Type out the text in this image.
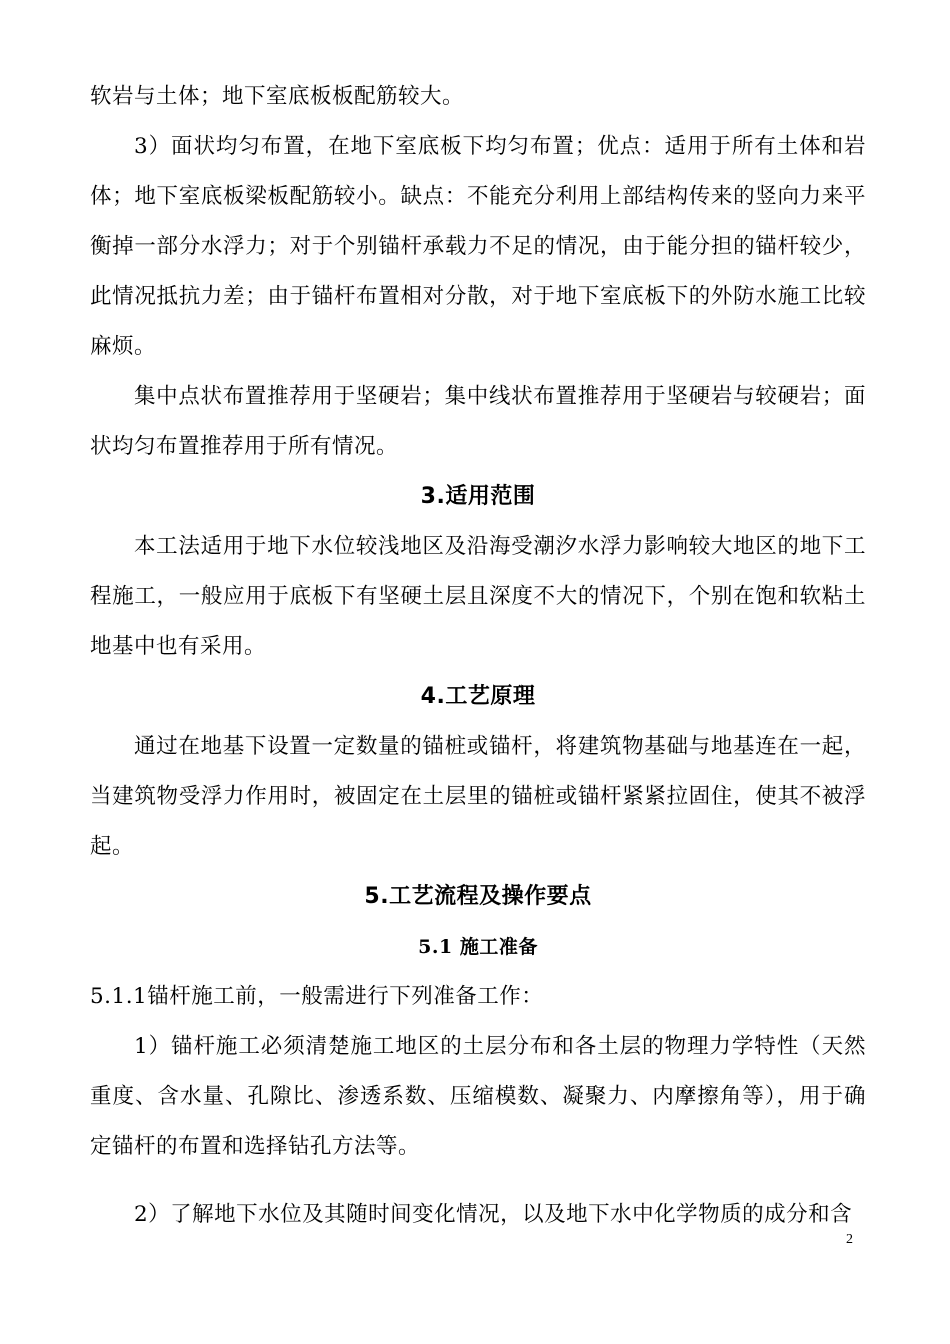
软岩与土体；地下室底板板配筋较大。

3）面状均匀布置，在地下室底板下均匀布置；优点：适用于所有土体和岩体；地下室底板梁板配筋较小。缺点：不能充分利用上部结构传来的竖向力来平衡掉一部分水浮力；对于个别锚杆承载力不足的情况，由于能分担的锚杆较少，此情况抵抗力差；由于锚杆布置相对分散，对于地下室底板下的外防水施工比较麻烦。

集中点状布置推荐用于坚硬岩；集中线状布置推荐用于坚硬岩与较硬岩；面状均匀布置推荐用于所有情况。

3.适用范围

本工法适用于地下水位较浅地区及沿海受潮汐水浮力影响较大地区的地下工程施工，一般应用于底板下有坚硬土层且深度不大的情况下，个别在饱和软粘土地基中也有采用。

4.工艺原理

通过在地基下设置一定数量的锚桩或锚杆，将建筑物基础与地基连在一起，当建筑物受浮力作用时，被固定在土层里的锚桩或锚杆紧紧拉固住，使其不被浮起。

5.工艺流程及操作要点
5.1 施工准备

5.1.1锚杆施工前，一般需进行下列准备工作：

1）锚杆施工必须清楚施工地区的土层分布和各土层的物理力学特性（天然重度、含水量、孔隙比、渗透系数、压缩模数、凝聚力、内摩擦角等），用于确定锚杆的布置和选择钻孔方法等。

2）了解地下水位及其随时间变化情况，以及地下水中化学物质的成分和含

2
